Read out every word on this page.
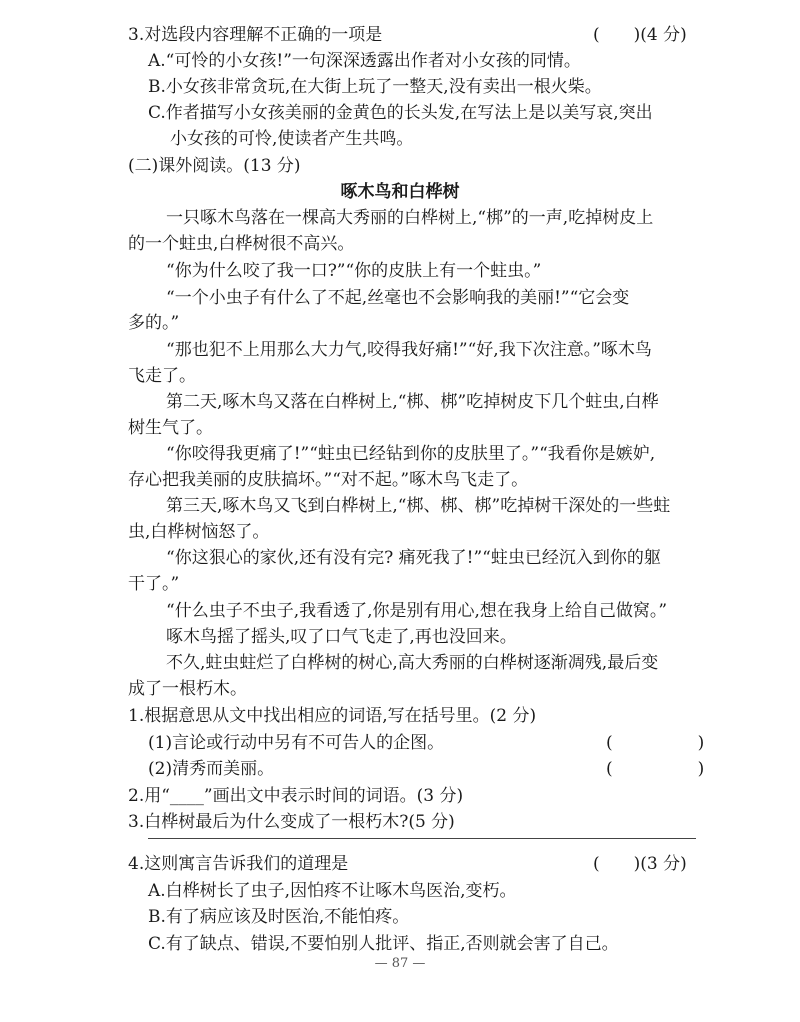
3.对选段内容理解不正确的一项是	(　　)(4 分)
A.“可怜的小女孩!”一句深深透露出作者对小女孩的同情。
B.小女孩非常贪玩,在大街上玩了一整天,没有卖出一根火柴。
C.作者描写小女孩美丽的金黄色的长头发,在写法上是以美写哀,突出
小女孩的可怜,使读者产生共鸣。
(二)课外阅读。(13 分)
啄木鸟和白桦树
一只啄木鸟落在一棵高大秀丽的白桦树上,“梆”的一声,吃掉树皮上
的一个蛀虫,白桦树很不高兴。
“你为什么咬了我一口?”“你的皮肤上有一个蛀虫。”
“一个小虫子有什么了不起,丝毫也不会影响我的美丽!”“它会变
多的。”
“那也犯不上用那么大力气,咬得我好痛!”“好,我下次注意。”啄木鸟
飞走了。
第二天,啄木鸟又落在白桦树上,“梆、梆”吃掉树皮下几个蛀虫,白桦
树生气了。
“你咬得我更痛了!”“蛀虫已经钻到你的皮肤里了。”“我看你是嫉妒,
存心把我美丽的皮肤搞坏。”“对不起。”啄木鸟飞走了。
第三天,啄木鸟又飞到白桦树上,“梆、梆、梆”吃掉树干深处的一些蛀
虫,白桦树恼怒了。
“你这狠心的家伙,还有没有完? 痛死我了!”“蛀虫已经沉入到你的躯
干了。”
“什么虫子不虫子,我看透了,你是别有用心,想在我身上给自己做窝。”
啄木鸟摇了摇头,叹了口气飞走了,再也没回来。
不久,蛀虫蛀烂了白桦树的树心,高大秀丽的白桦树逐渐凋残,最后变
成了一根朽木。
1.根据意思从文中找出相应的词语,写在括号里。(2 分)
(1)言论或行动中另有不可告人的企图。	(　　　　　)
(2)清秀而美丽。	(　　　　　)
2.用“____”画出文中表示时间的词语。(3 分)
3.白桦树最后为什么变成了一根朽木?(5 分)
4.这则寓言告诉我们的道理是	(　　)(3 分)
A.白桦树长了虫子,因怕疼不让啄木鸟医治,变朽。
B.有了病应该及时医治,不能怕疼。
C.有了缺点、错误,不要怕别人批评、指正,否则就会害了自己。
— 87 —
